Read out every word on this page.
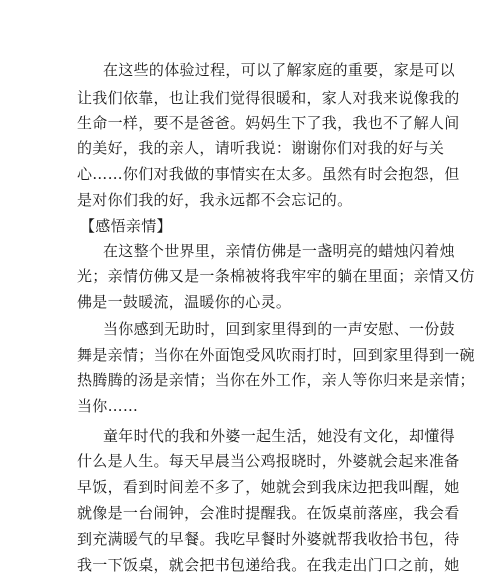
在这些的体验过程，可以了解家庭的重要，家是可以
让我们依靠，也让我们觉得很暖和，家人对我来说像我的
生命一样，要不是爸爸。妈妈生下了我，我也不了解人间
的美好，我的亲人，请听我说：谢谢你们对我的好与关
心……你们对我做的事情实在太多。虽然有时会抱怨，但
是对你们我的好，我永远都不会忘记的。
【感悟亲情】
在这整个世界里，亲情仿佛是一盏明亮的蜡烛闪着烛
光；亲情仿佛又是一条棉被将我牢牢的躺在里面；亲情又仿
佛是一鼓暖流，温暖你的心灵。
当你感到无助时，回到家里得到的一声安慰、一份鼓
舞是亲情；当你在外面饱受风吹雨打时，回到家里得到一碗
热腾腾的汤是亲情；当你在外工作，亲人等你归来是亲情；
当你……
童年时代的我和外婆一起生活，她没有文化，却懂得
什么是人生。每天早晨当公鸡报晓时，外婆就会起来准备
早饭，看到时间差不多了，她就会到我床边把我叫醒，她
就像是一台闹钟，会准时提醒我。在饭桌前落座，我会看
到充满暖气的早餐。我吃早餐时外婆就帮我收拾书包，待
我一下饭桌，就会把书包递给我。在我走出门口之前，她
